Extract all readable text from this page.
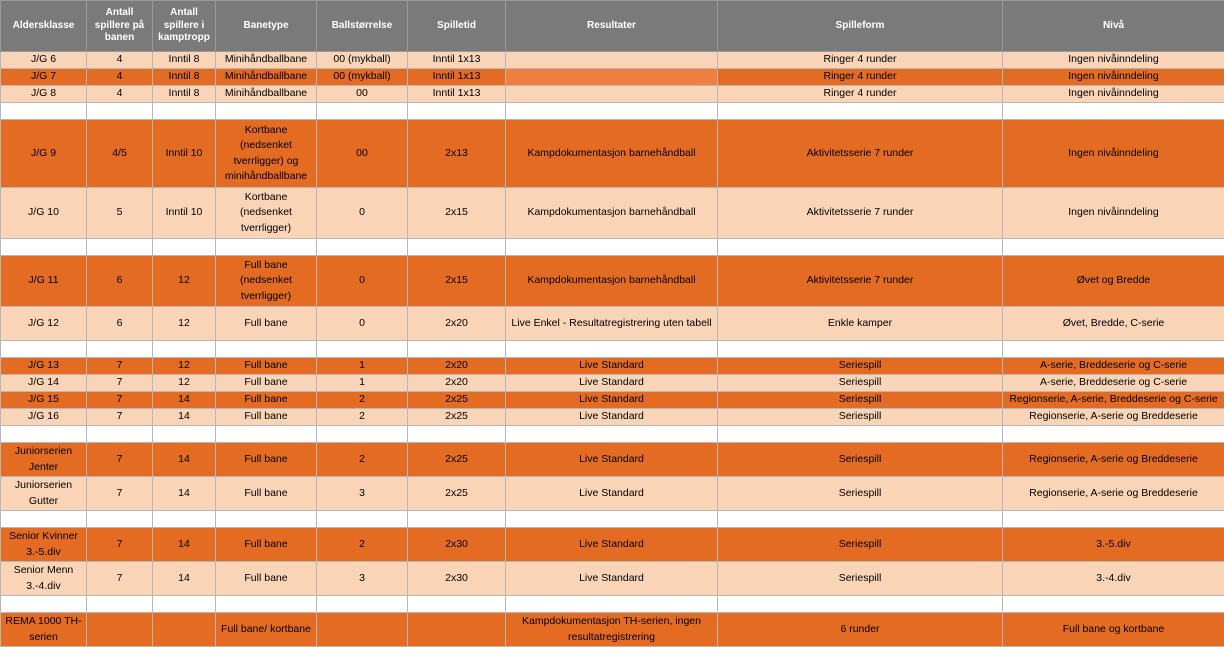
Aldersklasse	Antall spillere på banen	Antall spillere i kamptropp	Banetype	Ballstørrelse	Spilletid	Resultater	Spilleform	Nivå
J/G 6	4	Inntil 8	Minihåndballbane	00 (mykball)	Inntil 1x13		Ringer 4 runder	Ingen nivåinndeling
J/G 7	4	Inntil 8	Minihåndballbane	00 (mykball)	Inntil 1x13		Ringer 4 runder	Ingen nivåinndeling
J/G 8	4	Inntil 8	Minihåndballbane	00	Inntil 1x13		Ringer 4 runder	Ingen nivåinndeling

J/G 9	4/5	Inntil 10	Kortbane (nedsenket tverrligger) og minihåndballbane	00	2x13	Kampdokumentasjon barnehåndball	Aktivitetsserie 7 runder	Ingen nivåinndeling
J/G 10	5	Inntil 10	Kortbane (nedsenket tverrligger)	0	2x15	Kampdokumentasjon barnehåndball	Aktivitetsserie 7 runder	Ingen nivåinndeling

J/G 11	6	12	Full bane (nedsenket tverrligger)	0	2x15	Kampdokumentasjon barnehåndball	Aktivitetsserie 7 runder	Øvet og Bredde
J/G 12	6	12	Full bane	0	2x20	Live Enkel - Resultatregistrering uten tabell	Enkle kamper	Øvet, Bredde, C-serie

J/G 13	7	12	Full bane	1	2x20	Live Standard	Seriespill	A-serie, Breddeserie og C-serie
J/G 14	7	12	Full bane	1	2x20	Live Standard	Seriespill	A-serie, Breddeserie og C-serie
J/G 15	7	14	Full bane	2	2x25	Live Standard	Seriespill	Regionserie, A-serie, Breddeserie og C-serie
J/G 16	7	14	Full bane	2	2x25	Live Standard	Seriespill	Regionserie, A-serie og Breddeserie

Juniorserien Jenter	7	14	Full bane	2	2x25	Live Standard	Seriespill	Regionserie, A-serie og Breddeserie
Juniorserien Gutter	7	14	Full bane	3	2x25	Live Standard	Seriespill	Regionserie, A-serie og Breddeserie

Senior Kvinner 3.-5.div	7	14	Full bane	2	2x30	Live Standard	Seriespill	3.-5.div
Senior Menn 3.-4.div	7	14	Full bane	3	2x30	Live Standard	Seriespill	3.-4.div

REMA 1000 TH-serien			Full bane/ kortbane			Kampdokumentasjon TH-serien, ingen resultatregistrering	6 runder	Full bane og kortbane
